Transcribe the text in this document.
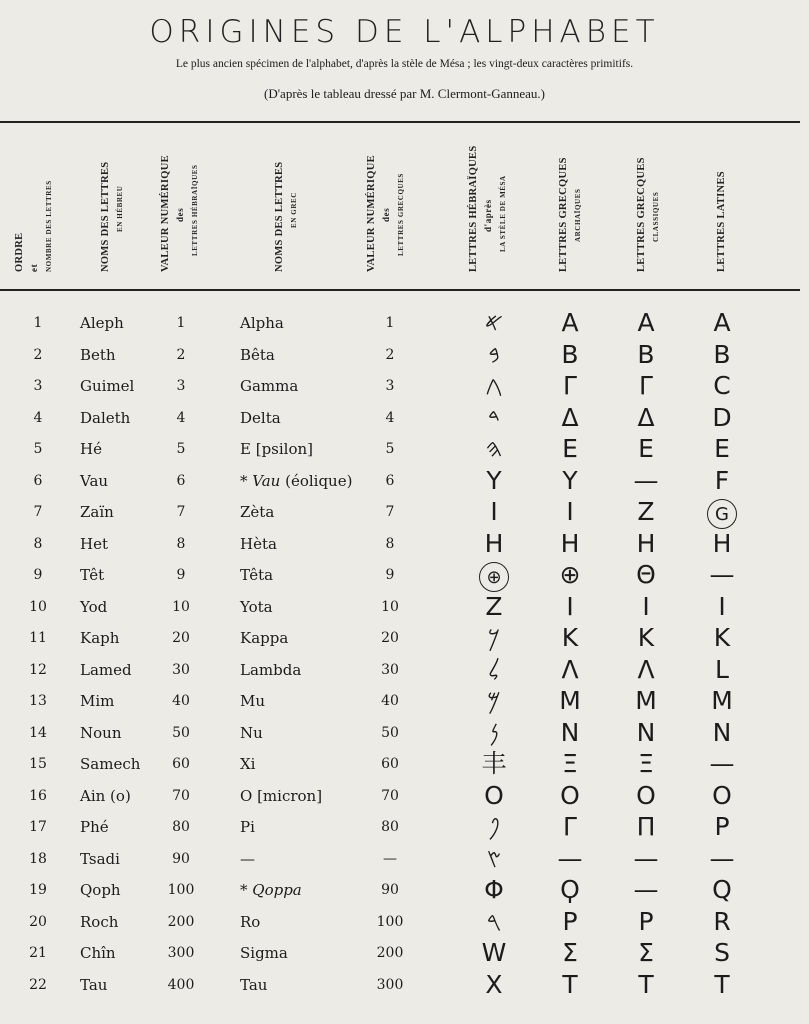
ORIGINES DE L'ALPHABET
Le plus ancien spécimen de l'alphabet, d'après la stèle de Mésa ; les vingt-deux caractères primitifs.
(D'après le tableau dressé par M. Clermont-Ganneau.)
ORDRE et NOMBRE DES LETTRES	NOMS DES LETTRES EN HÉBREU	VALEUR NUMÉRIQUE des LETTRES HÉBRAÏQUES	NOMS DES LETTRES EN GREC	VALEUR NUMÉRIQUE des LETTRES GRECQUES	LETTRES HÉBRAÏQUES d'après LA STÈLE DE MÉSA	LETTRES GRECQUES ARCHAÏQUES	LETTRES GRECQUES CLASSIQUES	LETTRES LATINES
1	Aleph	1	Alpha	1	𐤀	Α	A	A
2	Beth	2	Bêta	2	𐤁	Β	B	B
3	Guimel	3	Gamma	3	𐤂	Γ	Γ	C
4	Daleth	4	Delta	4	𐤃	Δ	Δ	D
5	Hé	5	E [psilon]	5	𐤄	Ε	E	E
6	Vau	6	* Vau (éolique)	6	Y	Y	—	F
7	Zaïn	7	Zèta	7	I	I	Z	G
8	Het	8	Hèta	8	H	H	H	H
9	Têt	9	Têta	9	⊕	⊕	Θ	—
10	Yod	10	Yota	10	Z	Ι	I	I
11	Kaph	20	Kappa	20	𐤊	K	K	K
12	Lamed	30	Lambda	30	𐤋	Λ	Λ	L
13	Mim	40	Mu	40	𐤌	M	M	M
14	Noun	50	Nu	50	𐤍	N	N	N
15	Samech	60	Xi	60	丰	Ξ	Ξ	—
16	Ain (o)	70	O [micron]	70	O	O	O	O
17	Phé	80	Pi	80	𐤐	Γ	Π	P
18	Tsadi	90	—	—	𐤑	—	—	—
19	Qoph	100	* Qoppa	90	Φ	Ϙ	—	Q
20	Roch	200	Ro	100	𐤓	P	P	R
21	Chîn	300	Sigma	200	W	Σ	Σ	S
22	Tau	400	Tau	300	X	T	T	T
